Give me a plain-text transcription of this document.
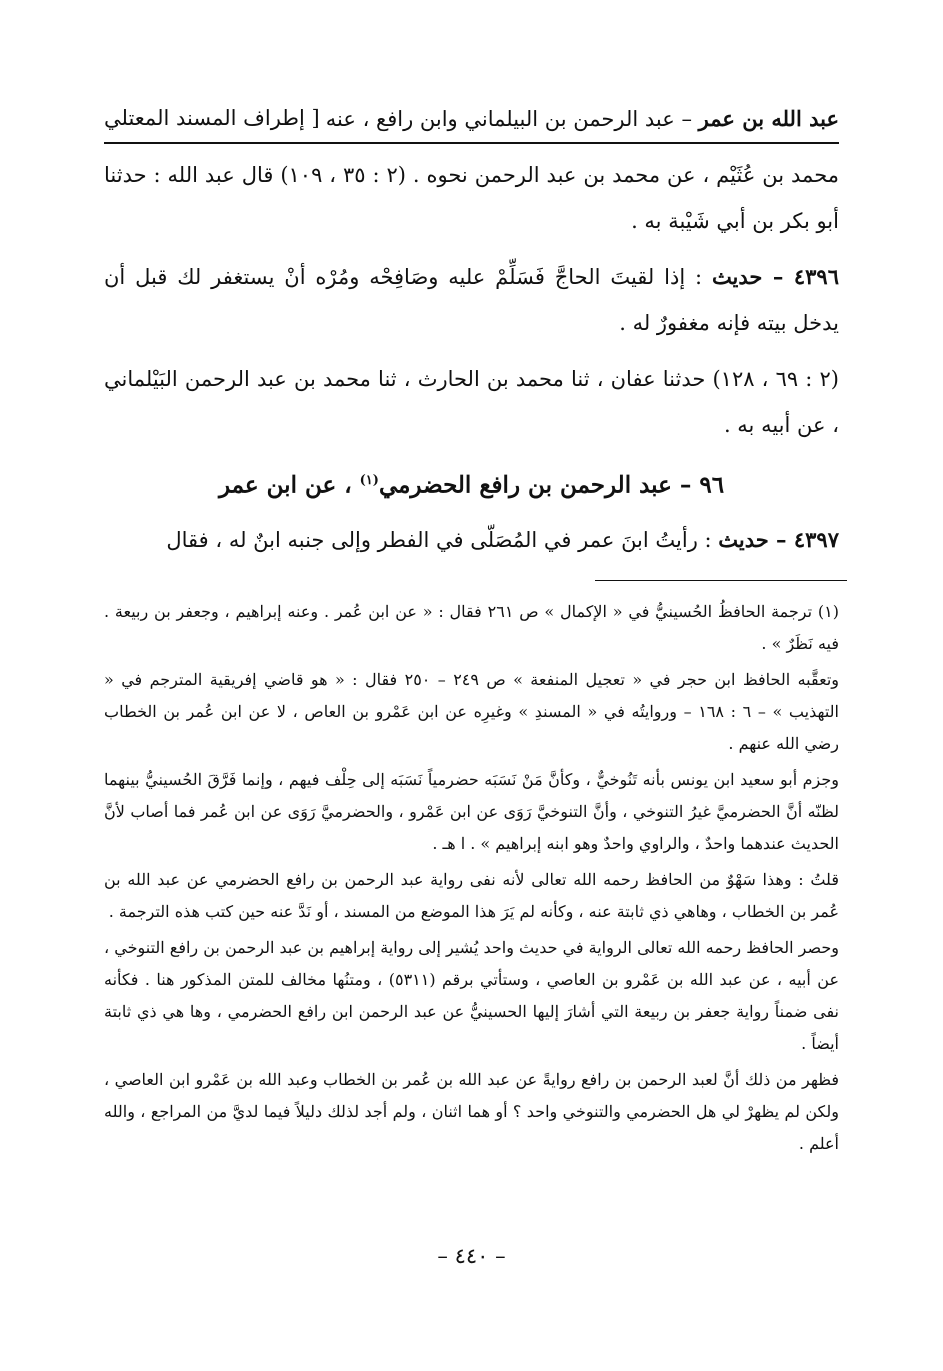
عبد الله بن عمر – عبد الرحمن بن البيلماني وابن رافع ، عنه
[ إطراف المسند المعتلي

محمد بن عُثَيْم ، عن محمد بن عبد الرحمن نحوه . (٢ : ٣٥ ، ١٠٩) قال عبد الله : حدثنا أبو بكر بن أبي شَيْبة به .

٤٣٩٦ – حديث : إذا لقيتَ الحاجَّ فَسَلِّمْ عليه وصَافِحْه ومُرْه أنْ يستغفر لك قبل أن يدخل بيته فإنه مغفورٌ له .

(٢ : ٦٩ ، ١٢٨) حدثنا عفان ، ثنا محمد بن الحارث ، ثنا محمد بن عبد الرحمن البَيْلماني ، عن أبيه به .

٩٦ – عبد الرحمن بن رافع الحضرمي$^{(١)}$ ، عن ابن عمر

٤٣٩٧ – حديث : رأيتُ ابنَ عمر في المُصَلّى في الفطر وإلى جنبه ابنٌ له ، فقال

(١) ترجمة الحافظُ الحُسينيُّ في « الإكمال » ص ٢٦١ فقال : « عن ابن عُمر . وعنه إبراهيم ، وجعفر بن ربيعة . فيه نَظَرٌ » .

وتعقَّبه الحافظ ابن حجر في « تعجيل المنفعة » ص ٢٤٩ – ٢٥٠ فقال : « هو قاضي إفريقية المترجم في « التهذيب » – ٦ : ١٦٨ – وروايتُه في « المسندِ » وغيرِه عن ابن عَمْرو بن العاص ، لا عن ابن عُمر بن الخطاب رضي الله عنهم .

وجزم أبو سعيد ابن يونس بأنه تَنُوخيٌّ ، وكأنَّ مَنْ نَسَبَه حضرمياً نَسَبَه إلى حِلْف فيهم ، وإنما فَرَّقَ الحُسينيُّ بينهما لظنّه أنَّ الحضرميَّ غيرُ التنوخي ، وأنَّ التنوخيَّ رَوَى عن ابن عَمْرو ، والحضرميَّ رَوَى عن ابن عُمر فما أصاب لأنَّ الحديث عندهما واحدٌ ، والراوي واحدٌ وهو ابنه إبراهيم » . ا هـ .

قلتُ : وهذا سَهْوٌ من الحافظ رحمه الله تعالى لأنه نفى رواية عبد الرحمن بن رافع الحضرمي عن عبد الله بن عُمر بن الخطاب ، وهاهي ذي ثابتة عنه ، وكأنه لم يَرَ هذا الموضع من المسند ، أو نَدَّ عنه حين كتب هذه الترجمة .

وحصر الحافظ رحمه الله تعالى الرواية في حديث واحد يُشير إلى رواية إبراهيم بن عبد الرحمن بن رافع التنوخي ، عن أبيه ، عن عبد الله بن عَمْرو بن العاصي ، وستأتي برقم (٥٣١١) ، ومتنُها مخالف للمتن المذكور هنا . فكأنه نفى ضمناً رواية جعفر بن ربيعة التي أشارَ إليها الحسينيُّ عن عبد الرحمن ابن رافع الحضرمي ، وها هي ذي ثابتة أيضاً .

فظهر من ذلك أنَّ لعبد الرحمن بن رافع روايةً عن عبد الله بن عُمر بن الخطاب وعبد الله بن عَمْرو ابن العاصي ، ولكن لم يظهرْ لي هل الحضرمي والتنوخي واحد ؟ أو هما اثنان ، ولم أجد لذلك دليلاً فيما لديَّ من المراجع ، والله أعلم .

– ٤٤٠ –
